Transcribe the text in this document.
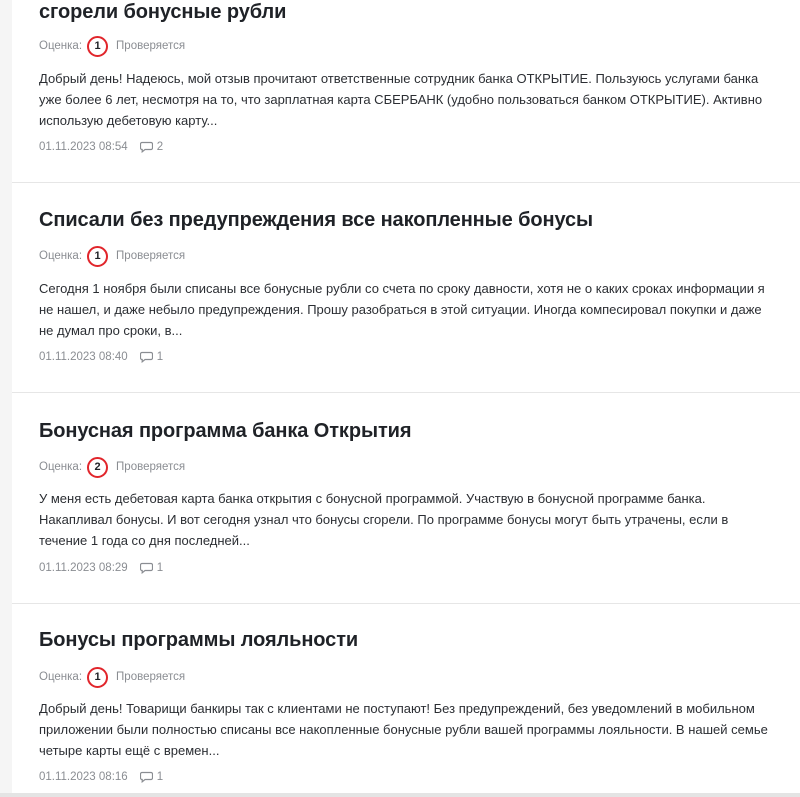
сгорели бонусные рубли
Оценка:	1	Проверяется

Добрый день! Надеюсь, мой отзыв прочитают ответственные сотрудник банка ОТКРЫТИЕ. Пользуюсь услугами банка уже более 6 лет, несмотря на то, что зарплатная карта СБЕРБАНК (удобно пользоваться банком ОТКРЫТИЕ). Активно использую дебетовую карту...

01.11.2023 08:54	2
Списали без предупреждения все накопленные бонусы
Оценка:	1	Проверяется

Сегодня 1 ноября были списаны все бонусные рубли со счета по сроку давности, хотя не о каких сроках информации я не нашел, и даже небыло предупреждения. Прошу разобраться в этой ситуации. Иногда компесировал покупки и даже не думал про сроки, в...

01.11.2023 08:40	1
Бонусная программа банка Открытия
Оценка:	2	Проверяется

У меня есть дебетовая карта банка открытия с бонусной программой. Участвую в бонусной программе банка. Накапливал бонусы. И вот сегодня узнал что бонусы сгорели. По программе бонусы могут быть утрачены, если в течение 1 года со дня последней...

01.11.2023 08:29	1
Бонусы программы лояльности
Оценка:	1	Проверяется

Добрый день! Товарищи банкиры так с клиентами не поступают! Без предупреждений, без уведомлений в мобильном приложении были полностью списаны все накопленные бонусные рубли вашей программы лояльности. В нашей семье четыре карты ещё с времен...

01.11.2023 08:16	1
